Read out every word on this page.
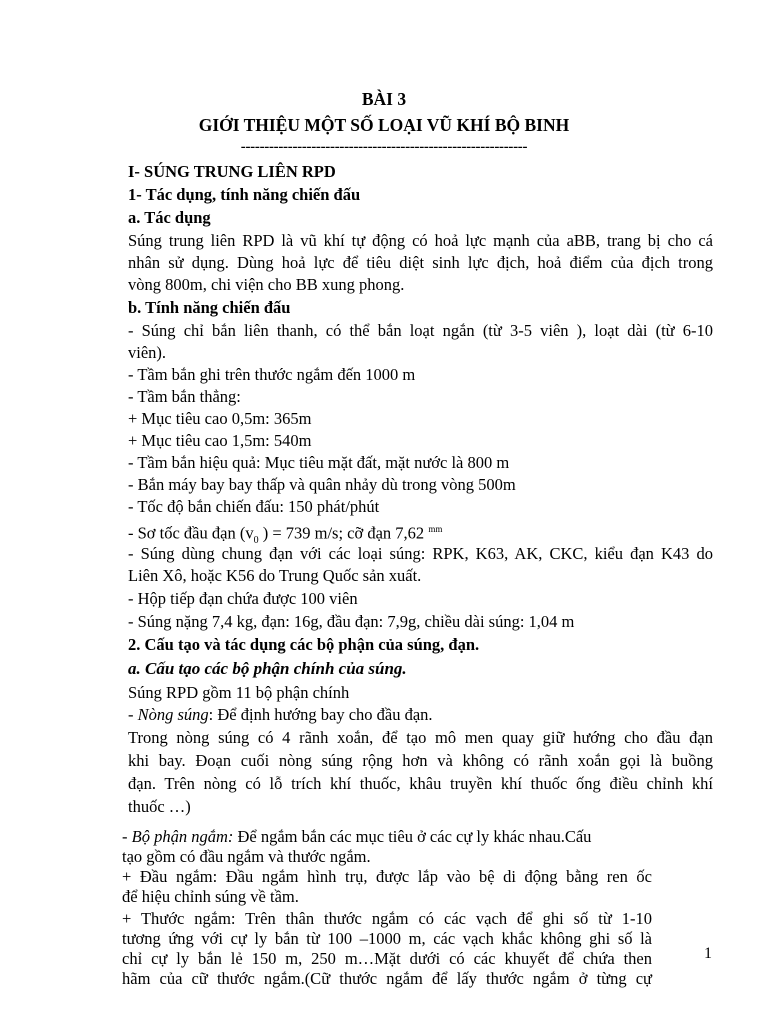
BÀI 3
GIỚI THIỆU MỘT SỐ LOẠI VŨ KHÍ BỘ BINH
-------------------------------------------------------------
I- SÚNG TRUNG LIÊN RPD
1- Tác dụng, tính năng chiến đấu
a. Tác dụng
Súng trung liên RPD là vũ khí tự động có hoả lực mạnh của aBB, trang bị cho cá
nhân sử dụng. Dùng hoả lực để tiêu diệt sinh lực địch, hoả điểm của địch trong
vòng 800m, chi viện cho BB xung phong.
b. Tính năng chiến đấu
- Súng chỉ bắn liên thanh, có thể bắn loạt ngắn (từ 3-5 viên ), loạt dài (từ 6-10
viên).
- Tầm bắn ghi trên thước ngắm đến 1000 m
- Tầm bắn thẳng:
+ Mục tiêu cao 0,5m: 365m
+ Mục tiêu cao 1,5m: 540m
- Tầm bắn hiệu quả: Mục tiêu mặt đất, mặt nước là 800 m
- Bắn máy bay bay thấp và quân nhảy dù trong vòng 500m
- Tốc độ bắn chiến đấu: 150 phát/phút
- Sơ tốc đầu đạn ($v_0$ ) = 739 m/s; cỡ đạn 7,62 $^{mm}$
- Súng dùng chung đạn với các loại súng: RPK, K63, AK, CKC, kiểu đạn K43 do
Liên Xô, hoặc K56 do Trung Quốc sản xuất.
- Hộp tiếp đạn chứa được 100 viên
- Súng nặng 7,4 kg, đạn: 16g, đầu đạn: 7,9g, chiều dài súng: 1,04 m
2. Cấu tạo và tác dụng các bộ phận của súng, đạn.
a. Cấu tạo các bộ phận chính của súng.
Súng RPD gồm 11 bộ phận chính
- Nòng súng: Để định hướng bay cho đầu đạn.
Trong nòng súng có 4 rãnh xoắn, để tạo mô men quay giữ hướng cho đầu đạn
khi bay. Đoạn cuối nòng súng rộng hơn và không có rãnh xoắn gọi là buồng
đạn. Trên nòng có lỗ trích khí thuốc, khâu truyền khí thuốc ống điều chỉnh khí
thuốc …)
- Bộ phận ngắm: Để ngắm bắn các mục tiêu ở các cự ly khác nhau.Cấu
tạo gồm có đầu ngắm và thước ngắm.
+ Đầu ngắm: Đầu ngắm hình trụ, được lắp vào bệ di động bằng ren ốc
để hiệu chỉnh súng về tầm.
+ Thước ngắm: Trên thân thước ngắm có các vạch để ghi số từ 1-10
tương ứng với cự ly bắn từ 100 –1000 m, các vạch khắc không ghi số là
chỉ cự ly bắn lẻ 150 m, 250 m…Mặt dưới có các khuyết để chứa then
hãm của cữ thước ngắm.(Cữ thước ngắm để lấy thước ngắm ở từng cự
1
